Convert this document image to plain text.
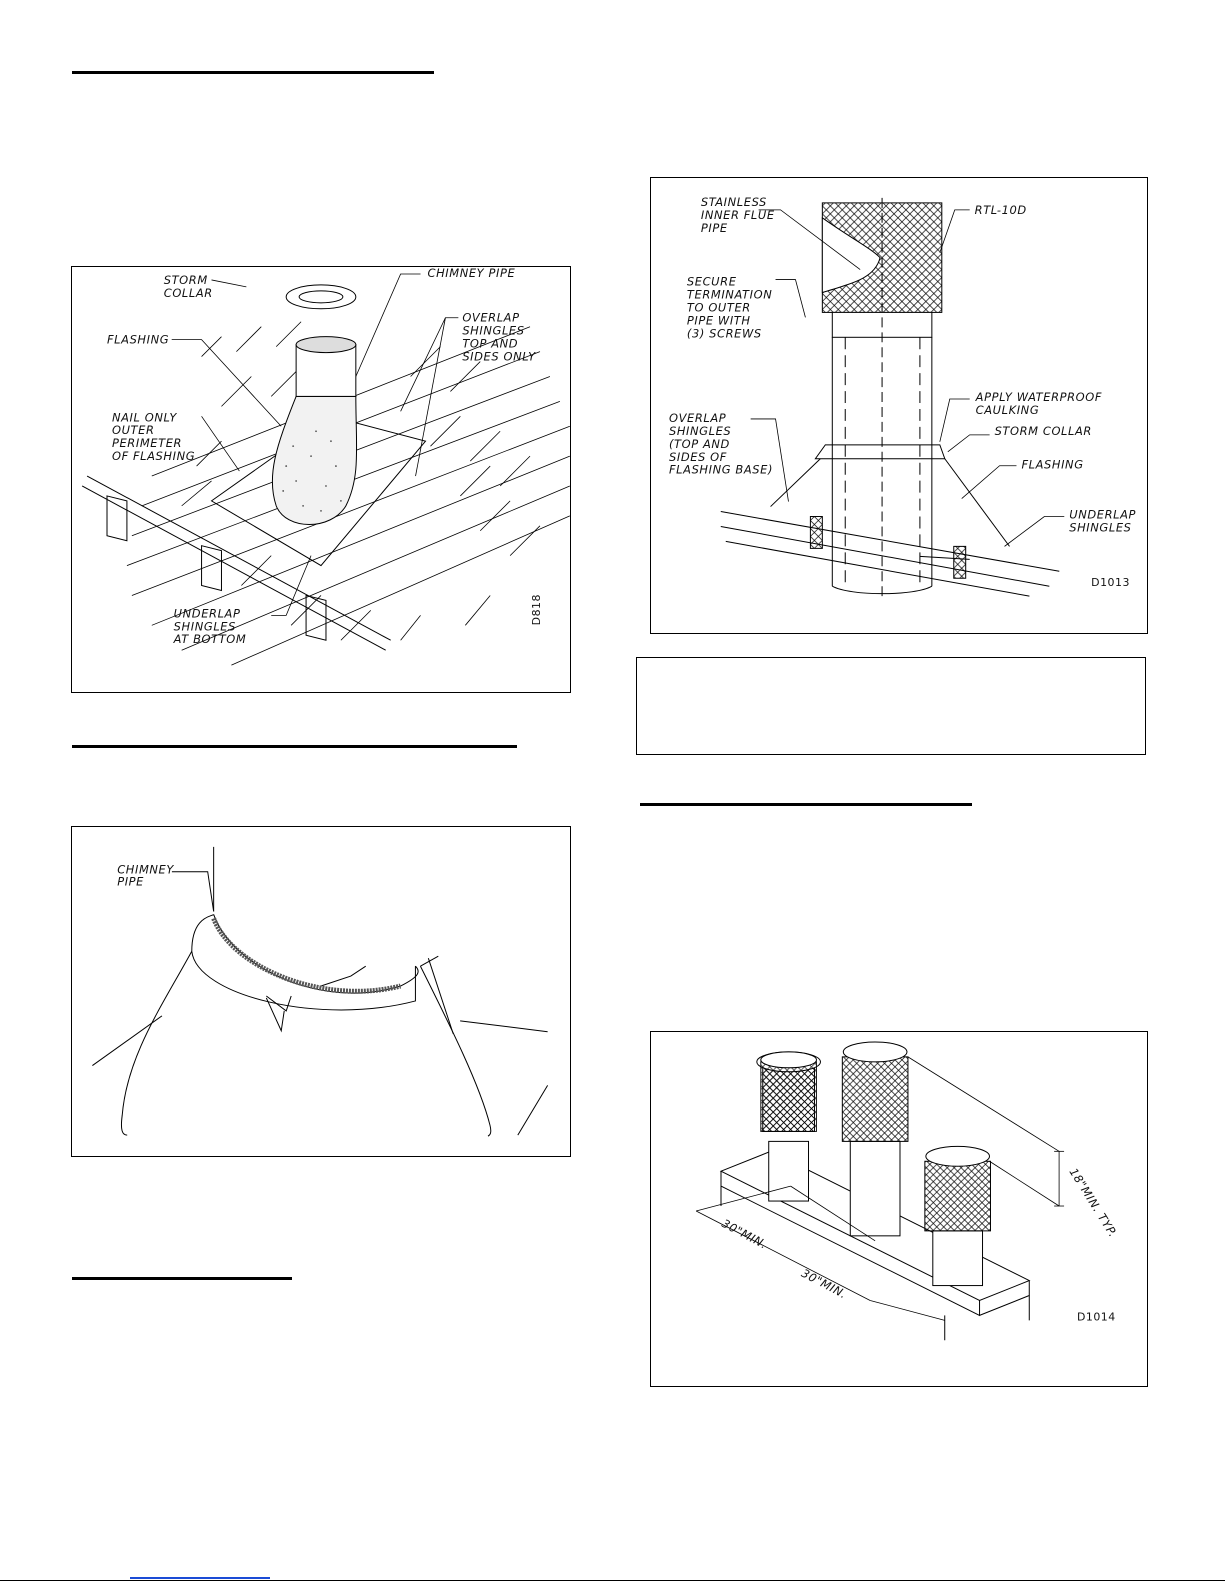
STORM
COLLAR
CHIMNEY PIPE
FLASHING
OVERLAP
SHINGLES
TOP AND
SIDES ONLY
NAIL ONLY
OUTER
PERIMETER
OF FLASHING
UNDERLAP
SHINGLES
AT BOTTOM
D818
CHIMNEY
PIPE
STAINLESS
INNER FLUE
PIPE
RTL-10D
SECURE
TERMINATION
TO OUTER
PIPE WITH
(3) SCREWS
APPLY WATERPROOF
CAULKING
STORM COLLAR
OVERLAP
SHINGLES
(TOP AND
SIDES OF
FLASHING BASE)	FLASHING
UNDERLAP
SHINGLES
D1013
18"MIN. TYP.
30"MIN.
30"MIN.
D1014
